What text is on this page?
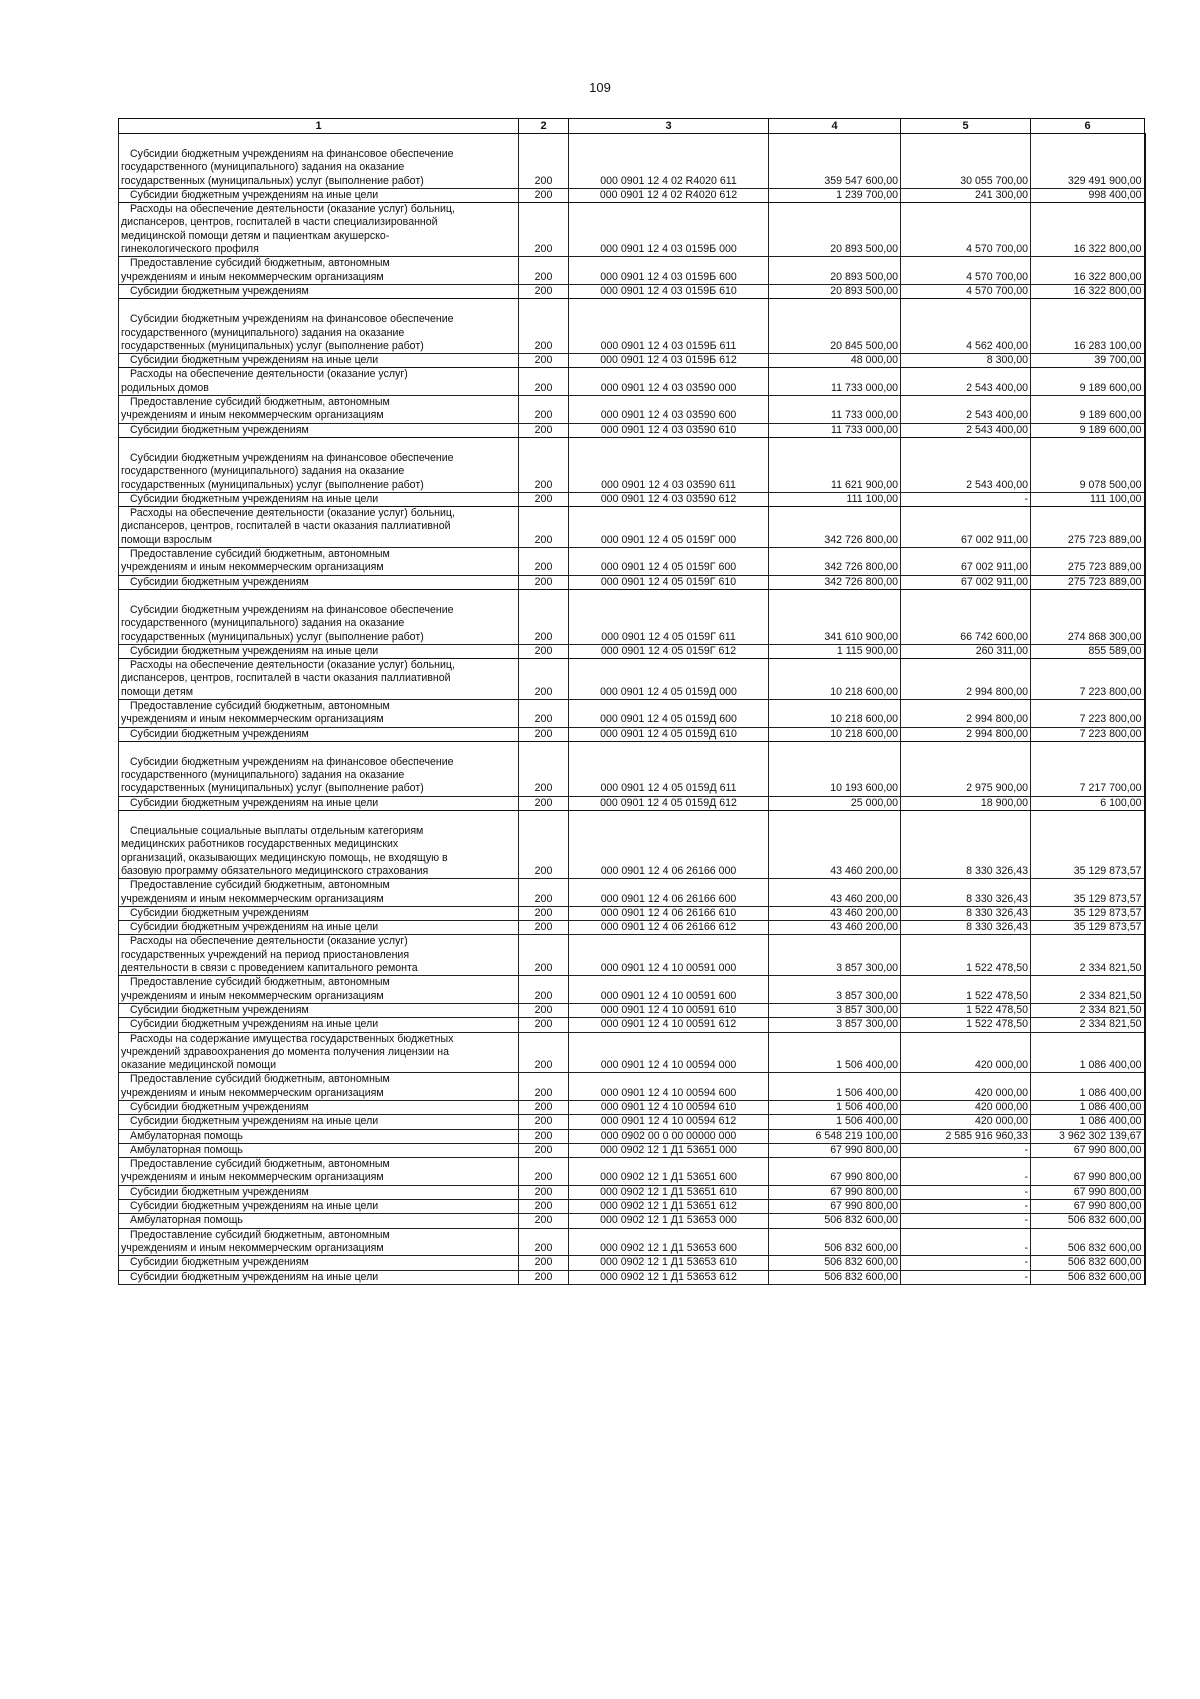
109
1	2	3	4	5	6

Субсидии бюджетным учреждениям на финансовое обеспечение
государственного (муниципального) задания на оказание
государственных (муниципальных) услуг (выполнение работ)	200	000 0901 12 4 02 R4020 611	359 547 600,00	30 055 700,00	329 491 900,00

Субсидии бюджетным учреждениям на иные цели	200	000 0901 12 4 02 R4020 612	1 239 700,00	241 300,00	998 400,00

Расходы на обеспечение деятельности (оказание услуг) больниц,
диспансеров, центров, госпиталей в части специализированной
медицинской помощи детям и пациенткам акушерско-
гинекологического профиля	200	000 0901 12 4 03 0159Б 000	20 893 500,00	4 570 700,00	16 322 800,00

Предоставление субсидий бюджетным, автономным
учреждениям и иным некоммерческим организациям	200	000 0901 12 4 03 0159Б 600	20 893 500,00	4 570 700,00	16 322 800,00

Субсидии бюджетным учреждениям	200	000 0901 12 4 03 0159Б 610	20 893 500,00	4 570 700,00	16 322 800,00

Субсидии бюджетным учреждениям на финансовое обеспечение
государственного (муниципального) задания на оказание
государственных (муниципальных) услуг (выполнение работ)	200	000 0901 12 4 03 0159Б 611	20 845 500,00	4 562 400,00	16 283 100,00

Субсидии бюджетным учреждениям на иные цели	200	000 0901 12 4 03 0159Б 612	48 000,00	8 300,00	39 700,00

Расходы на обеспечение деятельности (оказание услуг)
родильных домов	200	000 0901 12 4 03 03590 000	11 733 000,00	2 543 400,00	9 189 600,00

Предоставление субсидий бюджетным, автономным
учреждениям и иным некоммерческим организациям	200	000 0901 12 4 03 03590 600	11 733 000,00	2 543 400,00	9 189 600,00

Субсидии бюджетным учреждениям	200	000 0901 12 4 03 03590 610	11 733 000,00	2 543 400,00	9 189 600,00

Субсидии бюджетным учреждениям на финансовое обеспечение
государственного (муниципального) задания на оказание
государственных (муниципальных) услуг (выполнение работ)	200	000 0901 12 4 03 03590 611	11 621 900,00	2 543 400,00	9 078 500,00

Субсидии бюджетным учреждениям на иные цели	200	000 0901 12 4 03 03590 612	111 100,00	-	111 100,00

Расходы на обеспечение деятельности (оказание услуг) больниц,
диспансеров, центров, госпиталей в части оказания паллиативной
помощи взрослым	200	000 0901 12 4 05 0159Г 000	342 726 800,00	67 002 911,00	275 723 889,00

Предоставление субсидий бюджетным, автономным
учреждениям и иным некоммерческим организациям	200	000 0901 12 4 05 0159Г 600	342 726 800,00	67 002 911,00	275 723 889,00

Субсидии бюджетным учреждениям	200	000 0901 12 4 05 0159Г 610	342 726 800,00	67 002 911,00	275 723 889,00

Субсидии бюджетным учреждениям на финансовое обеспечение
государственного (муниципального) задания на оказание
государственных (муниципальных) услуг (выполнение работ)	200	000 0901 12 4 05 0159Г 611	341 610 900,00	66 742 600,00	274 868 300,00

Субсидии бюджетным учреждениям на иные цели	200	000 0901 12 4 05 0159Г 612	1 115 900,00	260 311,00	855 589,00

Расходы на обеспечение деятельности (оказание услуг) больниц,
диспансеров, центров, госпиталей в части оказания паллиативной
помощи детям	200	000 0901 12 4 05 0159Д 000	10 218 600,00	2 994 800,00	7 223 800,00

Предоставление субсидий бюджетным, автономным
учреждениям и иным некоммерческим организациям	200	000 0901 12 4 05 0159Д 600	10 218 600,00	2 994 800,00	7 223 800,00

Субсидии бюджетным учреждениям	200	000 0901 12 4 05 0159Д 610	10 218 600,00	2 994 800,00	7 223 800,00

Субсидии бюджетным учреждениям на финансовое обеспечение
государственного (муниципального) задания на оказание
государственных (муниципальных) услуг (выполнение работ)	200	000 0901 12 4 05 0159Д 611	10 193 600,00	2 975 900,00	7 217 700,00

Субсидии бюджетным учреждениям на иные цели	200	000 0901 12 4 05 0159Д 612	25 000,00	18 900,00	6 100,00

Специальные социальные выплаты отдельным категориям
медицинских работников государственных медицинских
организаций, оказывающих медицинскую помощь, не входящую в
базовую программу обязательного медицинского страхования	200	000 0901 12 4 06 26166 000	43 460 200,00	8 330 326,43	35 129 873,57

Предоставление субсидий бюджетным, автономным
учреждениям и иным некоммерческим организациям	200	000 0901 12 4 06 26166 600	43 460 200,00	8 330 326,43	35 129 873,57

Субсидии бюджетным учреждениям	200	000 0901 12 4 06 26166 610	43 460 200,00	8 330 326,43	35 129 873,57

Субсидии бюджетным учреждениям на иные цели	200	000 0901 12 4 06 26166 612	43 460 200,00	8 330 326,43	35 129 873,57

Расходы на обеспечение деятельности (оказание услуг)
государственных учреждений на период приостановления
деятельности в связи с проведением капитального ремонта	200	000 0901 12 4 10 00591 000	3 857 300,00	1 522 478,50	2 334 821,50

Предоставление субсидий бюджетным, автономным
учреждениям и иным некоммерческим организациям	200	000 0901 12 4 10 00591 600	3 857 300,00	1 522 478,50	2 334 821,50

Субсидии бюджетным учреждениям	200	000 0901 12 4 10 00591 610	3 857 300,00	1 522 478,50	2 334 821,50

Субсидии бюджетным учреждениям на иные цели	200	000 0901 12 4 10 00591 612	3 857 300,00	1 522 478,50	2 334 821,50

Расходы на содержание имущества государственных бюджетных
учреждений здравоохранения до момента получения лицензии на
оказание медицинской помощи	200	000 0901 12 4 10 00594 000	1 506 400,00	420 000,00	1 086 400,00

Предоставление субсидий бюджетным, автономным
учреждениям и иным некоммерческим организациям	200	000 0901 12 4 10 00594 600	1 506 400,00	420 000,00	1 086 400,00

Субсидии бюджетным учреждениям	200	000 0901 12 4 10 00594 610	1 506 400,00	420 000,00	1 086 400,00

Субсидии бюджетным учреждениям на иные цели	200	000 0901 12 4 10 00594 612	1 506 400,00	420 000,00	1 086 400,00

Амбулаторная помощь	200	000 0902 00 0 00 00000 000	6 548 219 100,00	2 585 916 960,33	3 962 302 139,67

Амбулаторная помощь	200	000 0902 12 1 Д1 53651 000	67 990 800,00	-	67 990 800,00

Предоставление субсидий бюджетным, автономным
учреждениям и иным некоммерческим организациям	200	000 0902 12 1 Д1 53651 600	67 990 800,00	-	67 990 800,00

Субсидии бюджетным учреждениям	200	000 0902 12 1 Д1 53651 610	67 990 800,00	-	67 990 800,00

Субсидии бюджетным учреждениям на иные цели	200	000 0902 12 1 Д1 53651 612	67 990 800,00	-	67 990 800,00

Амбулаторная помощь	200	000 0902 12 1 Д1 53653 000	506 832 600,00	-	506 832 600,00

Предоставление субсидий бюджетным, автономным
учреждениям и иным некоммерческим организациям	200	000 0902 12 1 Д1 53653 600	506 832 600,00	-	506 832 600,00

Субсидии бюджетным учреждениям	200	000 0902 12 1 Д1 53653 610	506 832 600,00	-	506 832 600,00

Субсидии бюджетным учреждениям на иные цели	200	000 0902 12 1 Д1 53653 612	506 832 600,00	-	506 832 600,00
